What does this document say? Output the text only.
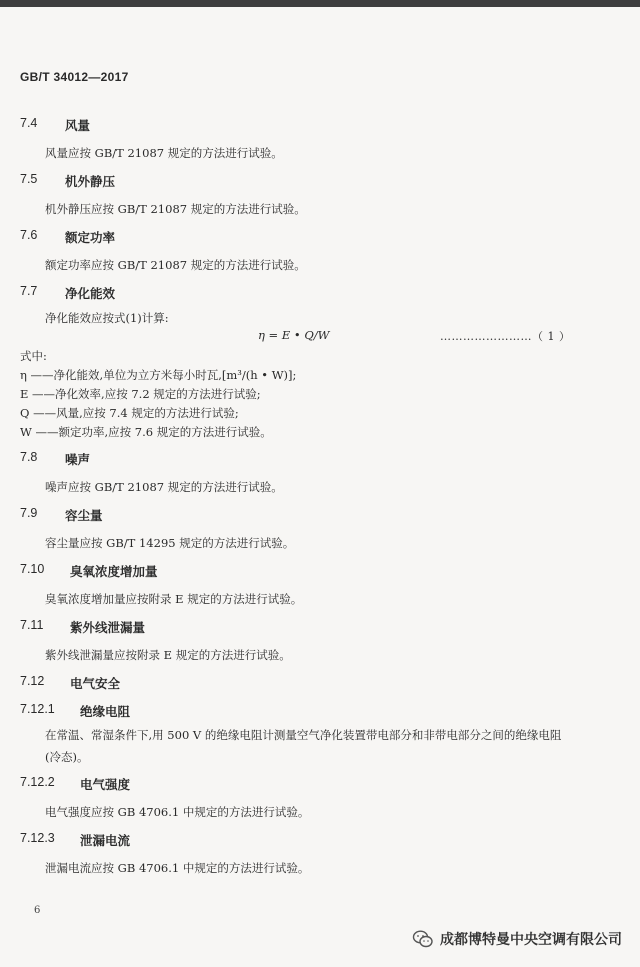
GB/T 34012—2017
7.4 风量
风量应按 GB/T 21087 规定的方法进行试验。
7.5 机外静压
机外静压应按 GB/T 21087 规定的方法进行试验。
7.6 额定功率
额定功率应按 GB/T 21087 规定的方法进行试验。
7.7 净化能效
净化能效应按式(1)计算:
η = E • Q/W	……………………（ 1 ）
式中:
η ——净化能效,单位为立方米每小时瓦,[m³/(h • W)];
E ——净化效率,应按 7.2 规定的方法进行试验;
Q ——风量,应按 7.4 规定的方法进行试验;
W ——额定功率,应按 7.6 规定的方法进行试验。
7.8 噪声
噪声应按 GB/T 21087 规定的方法进行试验。
7.9 容尘量
容尘量应按 GB/T 14295 规定的方法进行试验。
7.10 臭氧浓度增加量
臭氧浓度增加量应按附录 E 规定的方法进行试验。
7.11 紫外线泄漏量
紫外线泄漏量应按附录 E 规定的方法进行试验。
7.12 电气安全
7.12.1 绝缘电阻
在常温、常湿条件下,用 500 V 的绝缘电阻计测量空气净化装置带电部分和非带电部分之间的绝缘电阻(冷态)。
7.12.2 电气强度
电气强度应按 GB 4706.1 中规定的方法进行试验。
7.12.3 泄漏电流
泄漏电流应按 GB 4706.1 中规定的方法进行试验。
6
成都博特曼中央空调有限公司
